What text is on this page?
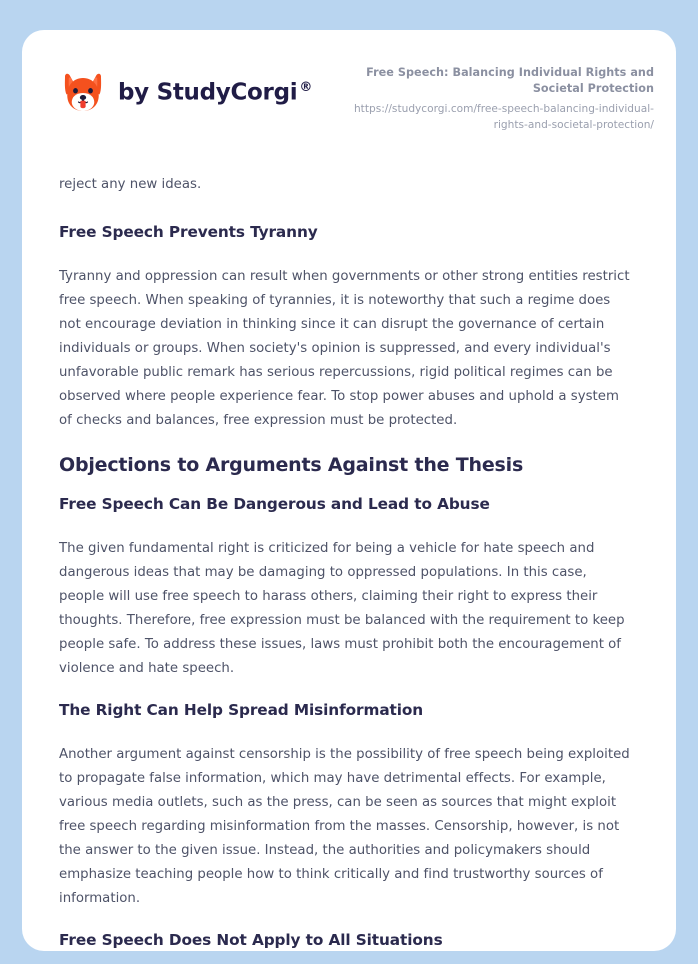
by StudyCorgi ®
Free Speech: Balancing Individual Rights and Societal Protection
https://studycorgi.com/free-speech-balancing-individual-rights-and-societal-protection/

reject any new ideas.

Free Speech Prevents Tyranny

Tyranny and oppression can result when governments or other strong entities restrict free speech. When speaking of tyrannies, it is noteworthy that such a regime does not encourage deviation in thinking since it can disrupt the governance of certain individuals or groups. When society's opinion is suppressed, and every individual's unfavorable public remark has serious repercussions, rigid political regimes can be observed where people experience fear. To stop power abuses and uphold a system of checks and balances, free expression must be protected.

Objections to Arguments Against the Thesis
Free Speech Can Be Dangerous and Lead to Abuse

The given fundamental right is criticized for being a vehicle for hate speech and dangerous ideas that may be damaging to oppressed populations. In this case, people will use free speech to harass others, claiming their right to express their thoughts. Therefore, free expression must be balanced with the requirement to keep people safe. To address these issues, laws must prohibit both the encouragement of violence and hate speech.

The Right Can Help Spread Misinformation

Another argument against censorship is the possibility of free speech being exploited to propagate false information, which may have detrimental effects. For example, various media outlets, such as the press, can be seen as sources that might exploit free speech regarding misinformation from the masses. Censorship, however, is not the answer to the given issue. Instead, the authorities and policymakers should emphasize teaching people how to think critically and find trustworthy sources of information.

Free Speech Does Not Apply to All Situations
